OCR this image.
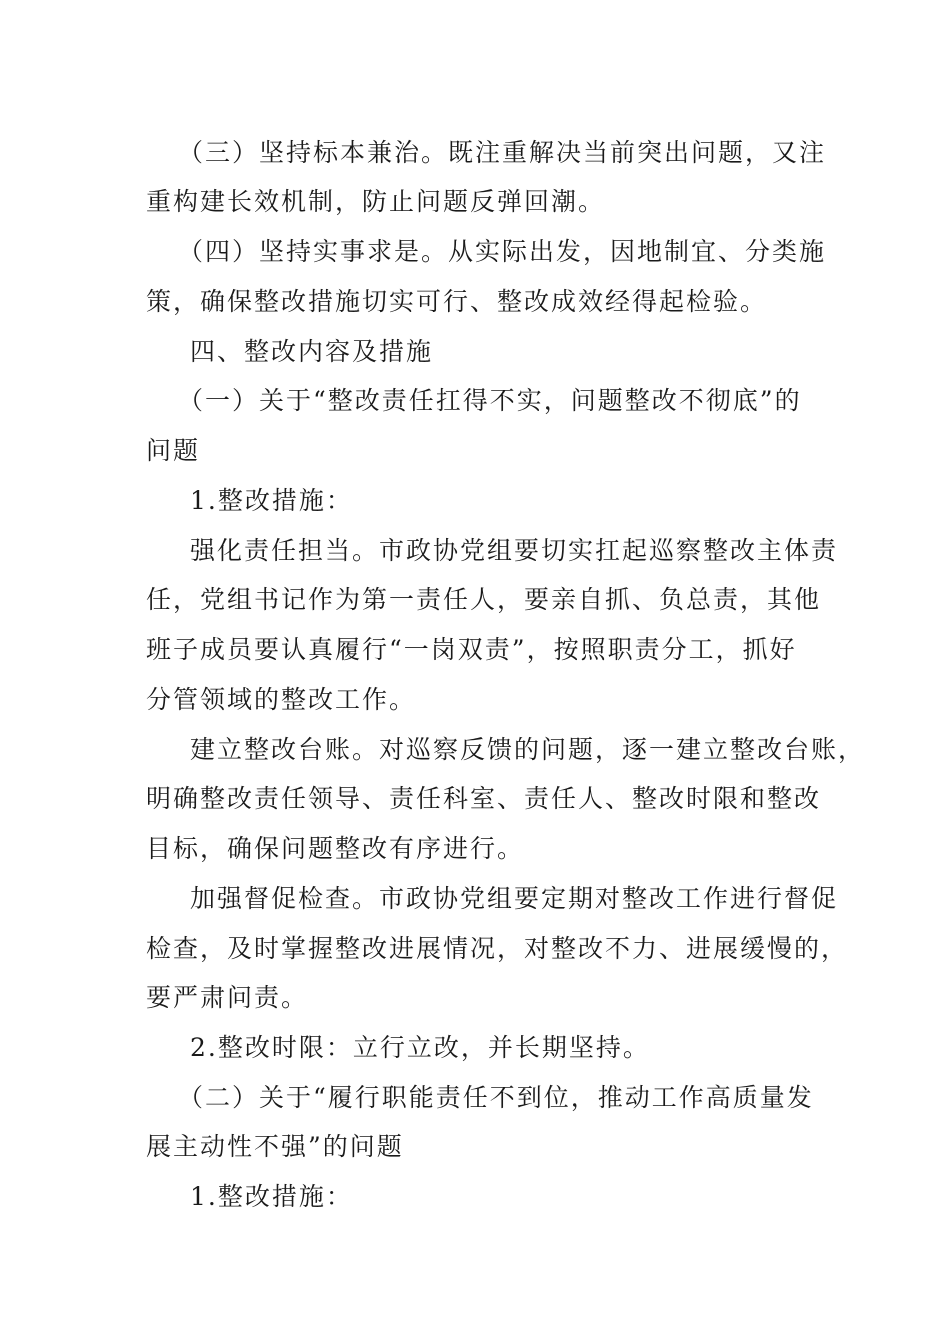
（三）坚持标本兼治。既注重解决当前突出问题，又注
重构建长效机制，防止问题反弹回潮。
（四）坚持实事求是。从实际出发，因地制宜、分类施
策，确保整改措施切实可行、整改成效经得起检验。
四、整改内容及措施
（一）关于“整改责任扛得不实，问题整改不彻底”的
问题
1.整改措施：
强化责任担当。市政协党组要切实扛起巡察整改主体责
任，党组书记作为第一责任人，要亲自抓、负总责，其他
班子成员要认真履行“一岗双责”，按照职责分工，抓好
分管领域的整改工作。
建立整改台账。对巡察反馈的问题，逐一建立整改台账，
明确整改责任领导、责任科室、责任人、整改时限和整改
目标，确保问题整改有序进行。
加强督促检查。市政协党组要定期对整改工作进行督促
检查，及时掌握整改进展情况，对整改不力、进展缓慢的，
要严肃问责。
2.整改时限：立行立改，并长期坚持。
（二）关于“履行职能责任不到位，推动工作高质量发
展主动性不强”的问题
1.整改措施：
